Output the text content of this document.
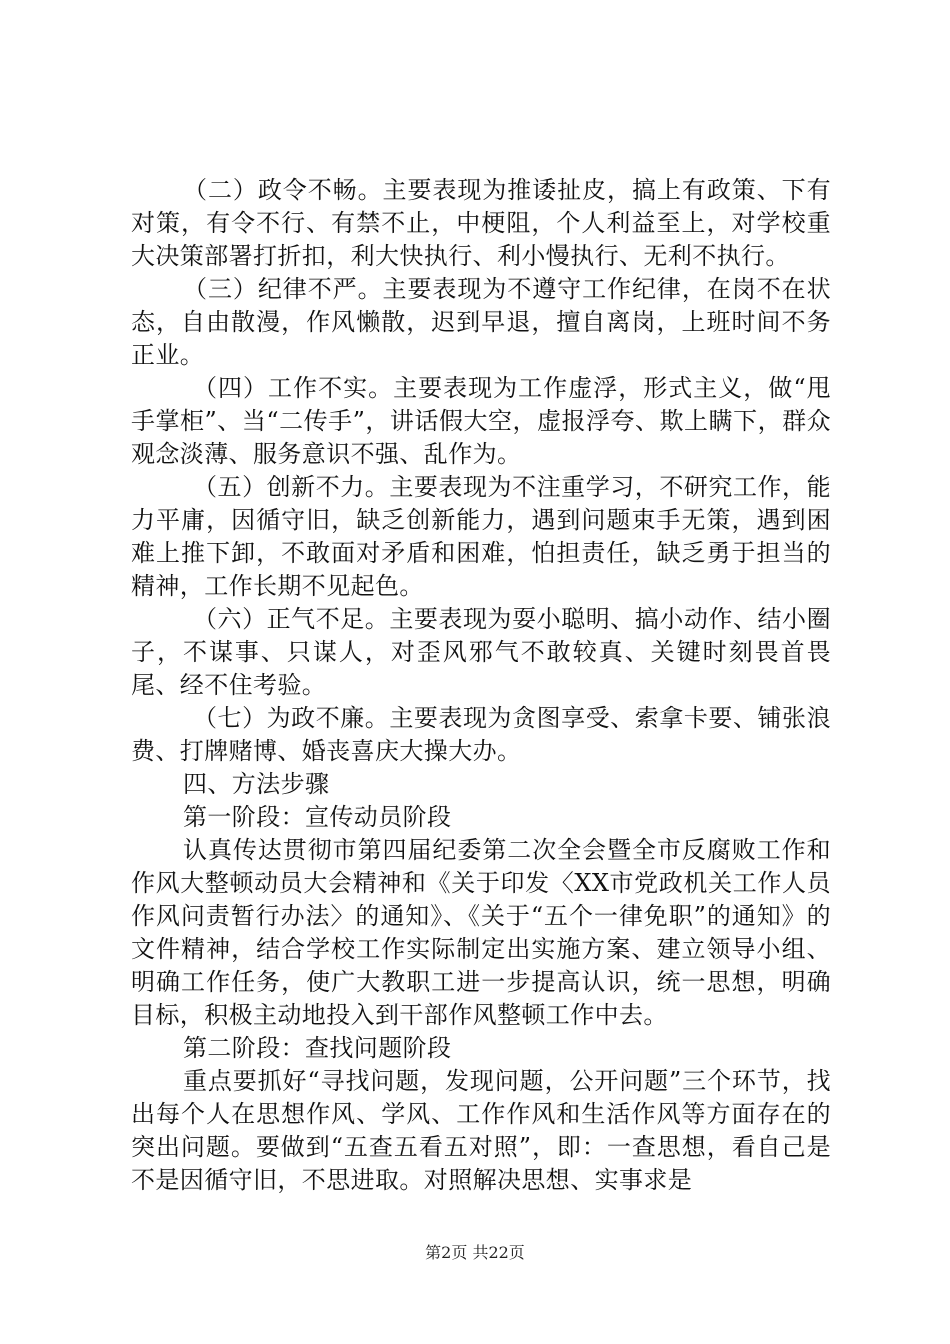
（二）政令不畅。主要表现为推诿扯皮，搞上有政策、下有对策，有令不行、有禁不止，中梗阻，个人利益至上，对学校重大决策部署打折扣，利大快执行、利小慢执行、无利不执行。

（三）纪律不严。主要表现为不遵守工作纪律，在岗不在状态，自由散漫，作风懒散，迟到早退，擅自离岗，上班时间不务正业。

（四）工作不实。主要表现为工作虚浮，形式主义，做“甩手掌柜”、当“二传手”，讲话假大空，虚报浮夸、欺上瞒下，群众观念淡薄、服务意识不强、乱作为。

（五）创新不力。主要表现为不注重学习，不研究工作，能力平庸，因循守旧，缺乏创新能力，遇到问题束手无策，遇到困难上推下卸，不敢面对矛盾和困难，怕担责任，缺乏勇于担当的精神，工作长期不见起色。

（六）正气不足。主要表现为耍小聪明、搞小动作、结小圈子，不谋事、只谋人，对歪风邪气不敢较真、关键时刻畏首畏尾、经不住考验。

（七）为政不廉。主要表现为贪图享受、索拿卡要、铺张浪费、打牌赌博、婚丧喜庆大操大办。

四、方法步骤

第一阶段：宣传动员阶段

认真传达贯彻市第四届纪委第二次全会暨全市反腐败工作和作风大整顿动员大会精神和《关于印发〈XX市党政机关工作人员作风问责暂行办法〉的通知》、《关于“五个一律免职”的通知》的文件精神，结合学校工作实际制定出实施方案、建立领导小组、明确工作任务，使广大教职工进一步提高认识，统一思想，明确目标，积极主动地投入到干部作风整顿工作中去。

第二阶段：查找问题阶段

重点要抓好“寻找问题，发现问题，公开问题”三个环节，找出每个人在思想作风、学风、工作作风和生活作风等方面存在的突出问题。要做到“五查五看五对照”，即：一查思想，看自己是不是因循守旧，不思进取。对照解决思想、实事求是

第2页 共22页
